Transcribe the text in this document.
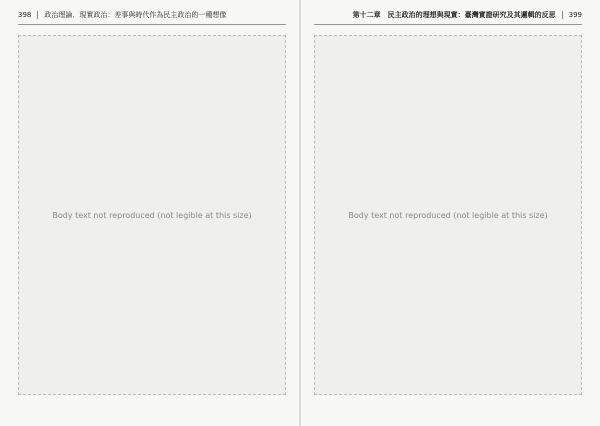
398 政治理論．現實政治：差事與時代作為民主政治的一種想像
Body text not reproduced (not legible at this size)
第十二章　民主政治的理想與現實：臺灣實證研究及其邏輯的反思 399
Body text not reproduced (not legible at this size)
